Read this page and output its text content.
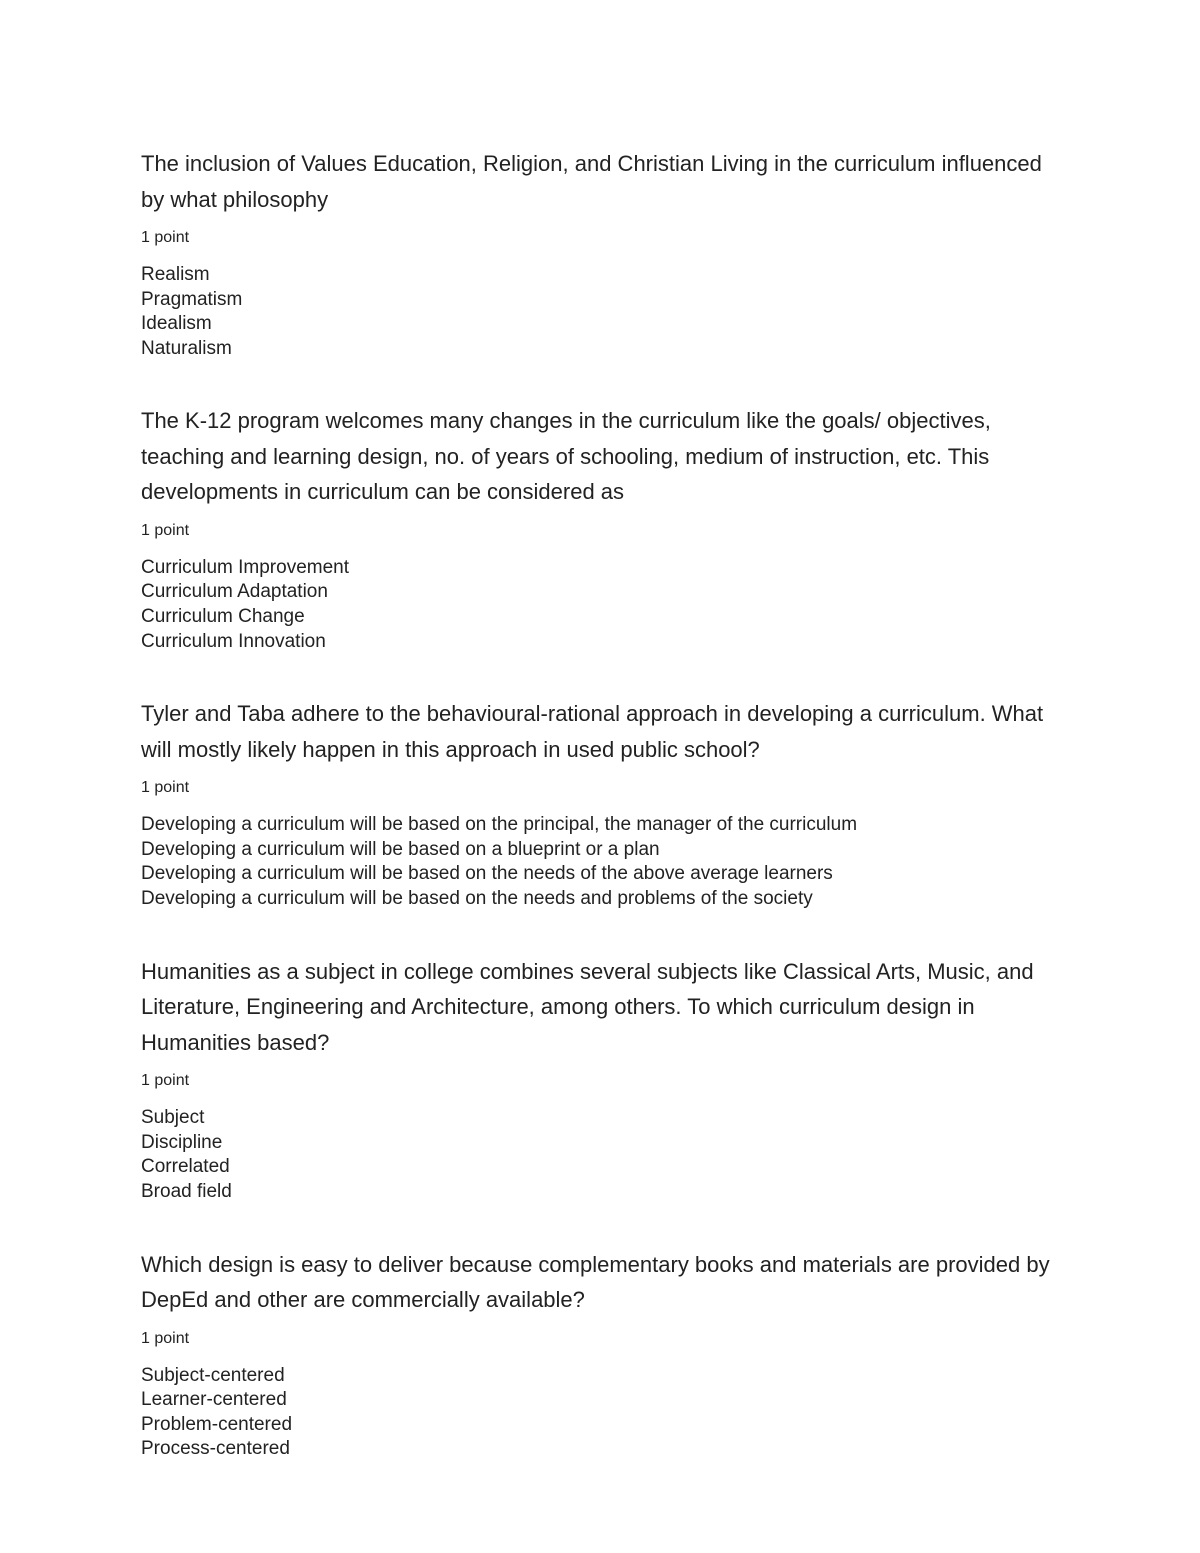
The inclusion of Values Education, Religion, and Christian Living in the curriculum influenced by what philosophy

1 point
Realism
Pragmatism
Idealism
Naturalism

The K-12 program welcomes many changes in the curriculum like the goals/ objectives, teaching and learning design, no. of years of schooling, medium of instruction, etc. This developments in curriculum can be considered as

1 point
Curriculum Improvement
Curriculum Adaptation
Curriculum Change
Curriculum Innovation

Tyler and Taba adhere to the behavioural-rational approach in developing a curriculum. What will mostly likely happen in this approach in used public school?

1 point
Developing a curriculum will be based on the principal, the manager of the curriculum
Developing a curriculum will be based on a blueprint or a plan
Developing a curriculum will be based on the needs of the above average learners
Developing a curriculum will be based on the needs and problems of the society

Humanities as a subject in college combines several subjects like Classical Arts, Music, and Literature, Engineering and Architecture, among others. To which curriculum design in Humanities based?

1 point
Subject
Discipline
Correlated
Broad field

Which design is easy to deliver because complementary books and materials are provided by DepEd and other are commercially available?

1 point
Subject-centered
Learner-centered
Problem-centered
Process-centered
